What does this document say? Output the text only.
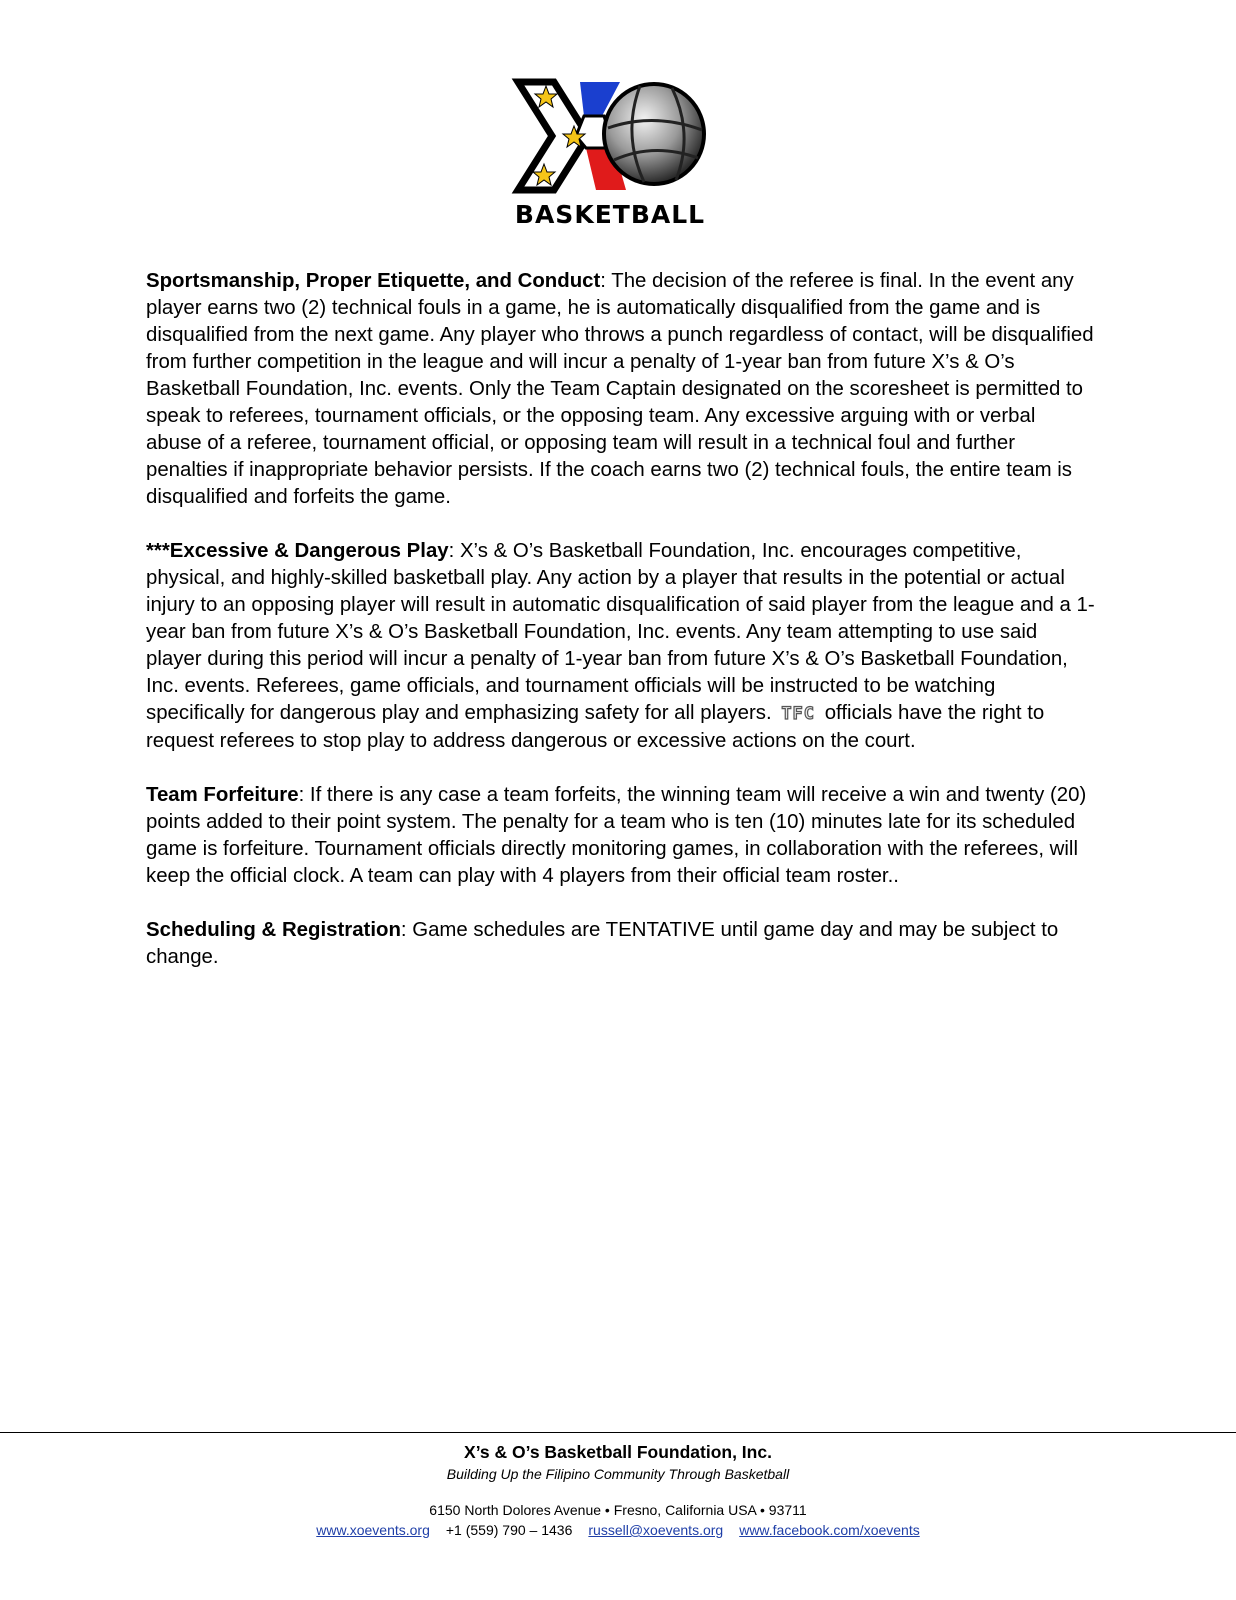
BASKETBALL

Sportsmanship, Proper Etiquette, and Conduct: The decision of the referee is final. In the event any player earns two (2) technical fouls in a game, he is automatically disqualified from the game and is disqualified from the next game. Any player who throws a punch regardless of contact, will be disqualified from further competition in the league and will incur a penalty of 1-year ban from future X’s & O’s Basketball Foundation, Inc. events. Only the Team Captain designated on the scoresheet is permitted to speak to referees, tournament officials, or the opposing team. Any excessive arguing with or verbal abuse of a referee, tournament official, or opposing team will result in a technical foul and further penalties if inappropriate behavior persists. If the coach earns two (2) technical fouls, the entire team is disqualified and forfeits the game.

***Excessive & Dangerous Play: X’s & O’s Basketball Foundation, Inc. encourages competitive, physical, and highly-skilled basketball play. Any action by a player that results in the potential or actual injury to an opposing player will result in automatic disqualification of said player from the league and a 1-year ban from future X’s & O’s Basketball Foundation, Inc. events. Any team attempting to use said player during this period will incur a penalty of 1-year ban from future X’s & O’s Basketball Foundation, Inc. events. Referees, game officials, and tournament officials will be instructed to be watching specifically for dangerous play and emphasizing safety for all players. TFC officials have the right to request referees to stop play to address dangerous or excessive actions on the court.

Team Forfeiture: If there is any case a team forfeits, the winning team will receive a win and twenty (20) points added to their point system. The penalty for a team who is ten (10) minutes late for its scheduled game is forfeiture. Tournament officials directly monitoring games, in collaboration with the referees, will keep the official clock. A team can play with 4 players from their official team roster..

Scheduling & Registration: Game schedules are TENTATIVE until game day and may be subject to change.

X’s & O’s Basketball Foundation, Inc.
Building Up the Filipino Community Through Basketball
6150 North Dolores Avenue • Fresno, California USA • 93711
www.xoevents.org +1 (559) 790 – 1436 russell@xoevents.org www.facebook.com/xoevents
